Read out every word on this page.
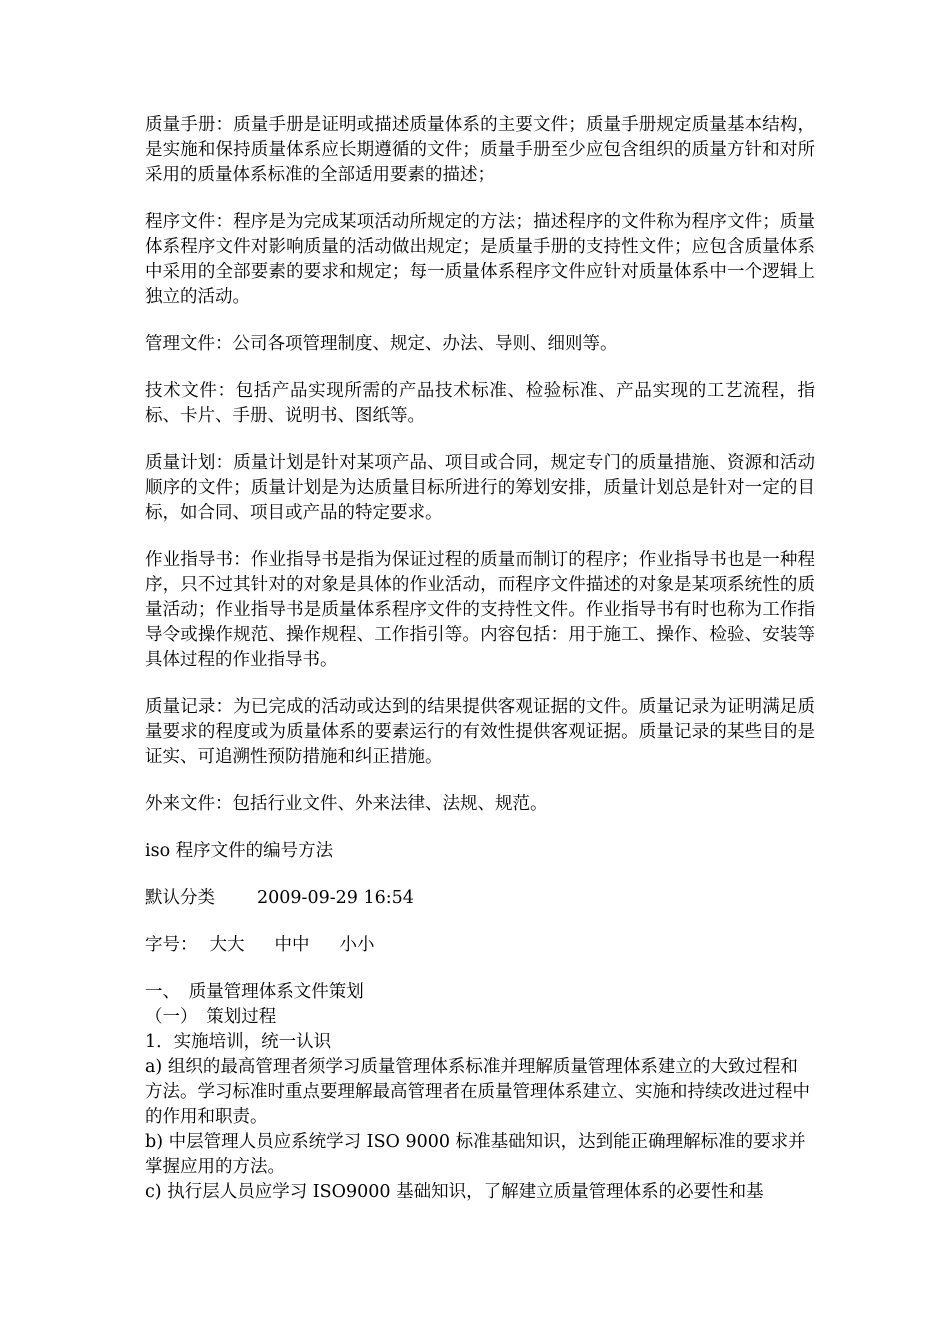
质量手册：质量手册是证明或描述质量体系的主要文件；质量手册规定质量基本结构，是实施和保持质量体系应长期遵循的文件；质量手册至少应包含组织的质量方针和对所采用的质量体系标准的全部适用要素的描述；

程序文件：程序是为完成某项活动所规定的方法；描述程序的文件称为程序文件；质量体系程序文件对影响质量的活动做出规定；是质量手册的支持性文件；应包含质量体系中采用的全部要素的要求和规定；每一质量体系程序文件应针对质量体系中一个逻辑上独立的活动。

管理文件：公司各项管理制度、规定、办法、导则、细则等。

技术文件：包括产品实现所需的产品技术标准、检验标准、产品实现的工艺流程，指标、卡片、手册、说明书、图纸等。

质量计划：质量计划是针对某项产品、项目或合同，规定专门的质量措施、资源和活动顺序的文件；质量计划是为达质量目标所进行的筹划安排，质量计划总是针对一定的目标，如合同、项目或产品的特定要求。

作业指导书：作业指导书是指为保证过程的质量而制订的程序；作业指导书也是一种程序，只不过其针对的对象是具体的作业活动，而程序文件描述的对象是某项系统性的质量活动；作业指导书是质量体系程序文件的支持性文件。作业指导书有时也称为工作指导令或操作规范、操作规程、工作指引等。内容包括：用于施工、操作、检验、安装等具体过程的作业指导书。

质量记录：为已完成的活动或达到的结果提供客观证据的文件。质量记录为证明满足质量要求的程度或为质量体系的要素运行的有效性提供客观证据。质量记录的某些目的是证实、可追溯性预防措施和纠正措施。

外来文件：包括行业文件、外来法律、法规、规范。

iso 程序文件的编号方法

默认分类 2009-09-29 16:54

字号： 大大 中中 小小

一、　质量管理体系文件策划

（一）　策划过程

1．实施培训，统一认识

a) 组织的最高管理者须学习质量管理体系标准并理解质量管理体系建立的大致过程和方法。学习标准时重点要理解最高管理者在质量管理体系建立、实施和持续改进过程中的作用和职责。

b) 中层管理人员应系统学习 ISO 9000 标准基础知识，达到能正确理解标准的要求并掌握应用的方法。

c) 执行层人员应学习 ISO9000 基础知识，了解建立质量管理体系的必要性和基
